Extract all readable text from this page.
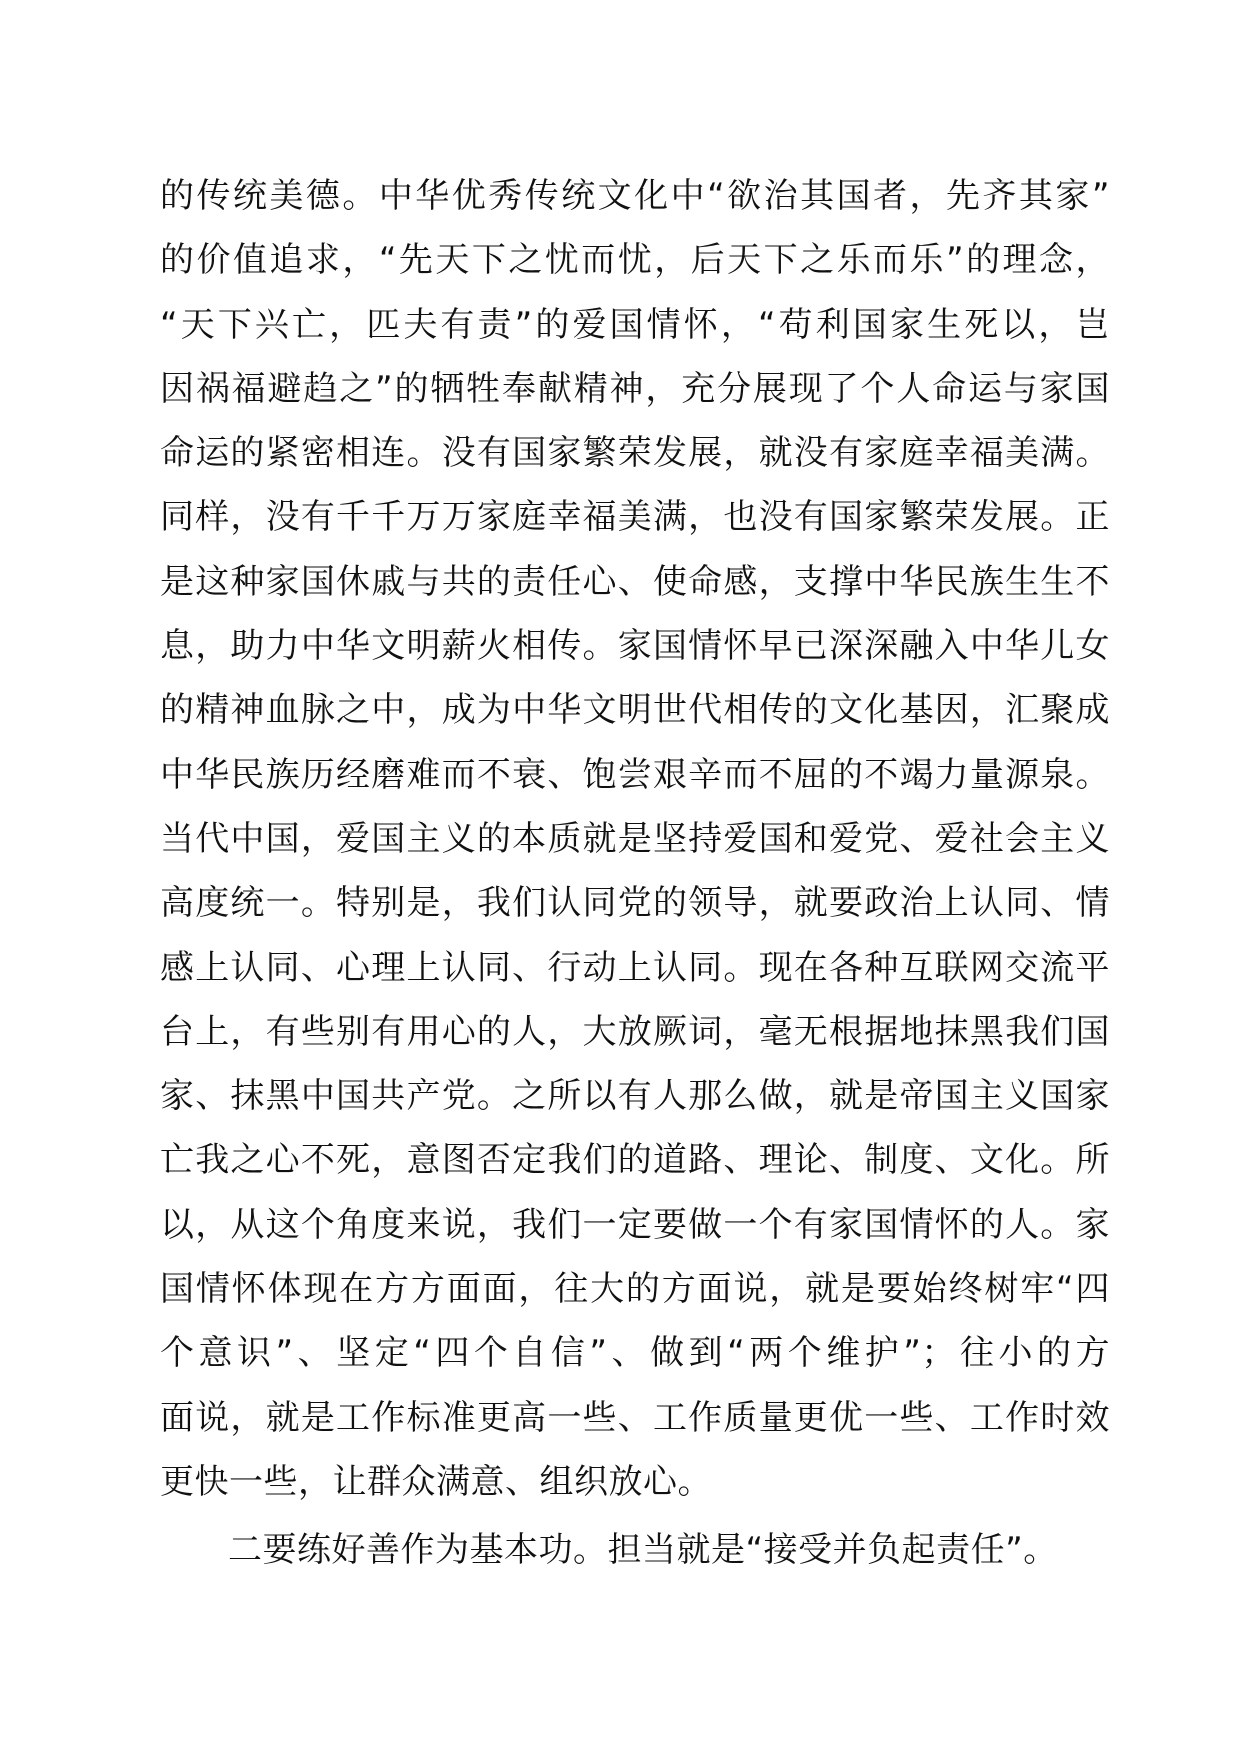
的传统美德。中华优秀传统文化中“欲治其国者，先齐其家”
的价值追求，“先天下之忧而忧，后天下之乐而乐”的理念，
“天下兴亡，匹夫有责”的爱国情怀，“苟利国家生死以，岂
因祸福避趋之”的牺牲奉献精神，充分展现了个人命运与家国
命运的紧密相连。没有国家繁荣发展，就没有家庭幸福美满。
同样，没有千千万万家庭幸福美满，也没有国家繁荣发展。正
是这种家国休戚与共的责任心、使命感，支撑中华民族生生不
息，助力中华文明薪火相传。家国情怀早已深深融入中华儿女
的精神血脉之中，成为中华文明世代相传的文化基因，汇聚成
中华民族历经磨难而不衰、饱尝艰辛而不屈的不竭力量源泉。
当代中国，爱国主义的本质就是坚持爱国和爱党、爱社会主义
高度统一。特别是，我们认同党的领导，就要政治上认同、情
感上认同、心理上认同、行动上认同。现在各种互联网交流平
台上，有些别有用心的人，大放厥词，毫无根据地抹黑我们国
家、抹黑中国共产党。之所以有人那么做，就是帝国主义国家
亡我之心不死，意图否定我们的道路、理论、制度、文化。所
以，从这个角度来说，我们一定要做一个有家国情怀的人。家
国情怀体现在方方面面，往大的方面说，就是要始终树牢“四
个意识”、坚定“四个自信”、做到“两个维护”；往小的方
面说，就是工作标准更高一些、工作质量更优一些、工作时效
更快一些，让群众满意、组织放心。
二要练好善作为基本功。担当就是“接受并负起责任”。
